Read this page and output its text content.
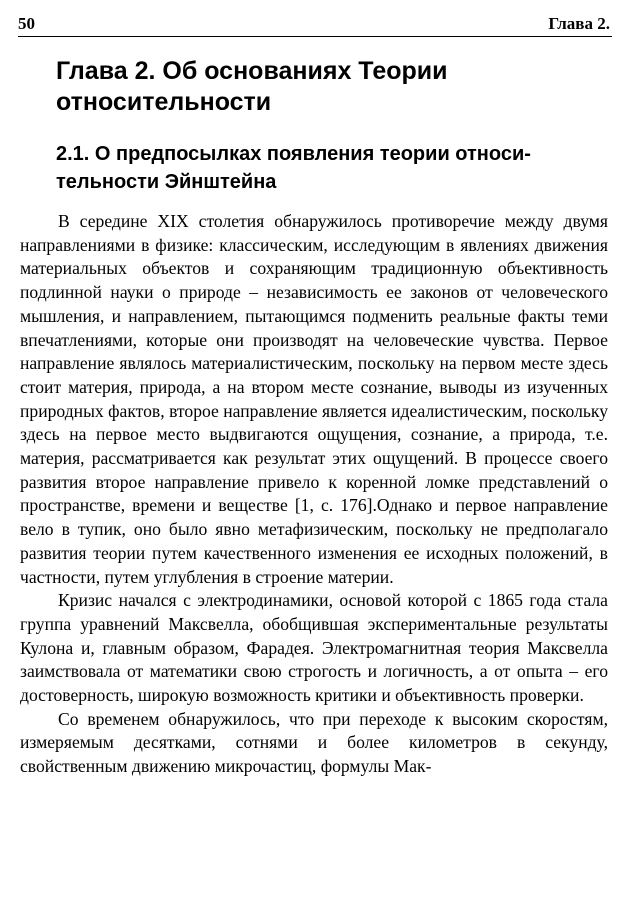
50	Глава 2.
Глава 2. Об основаниях Теории относительности
2.1. О предпосылках появления теории относи-тельности Эйнштейна

В середине XIX столетия обнаружилось противоречие между двумя направлениями в физике: классическим, исследующим в явлениях движения материальных объектов и сохраняющим традиционную объективность подлинной науки о природе – независимость ее законов от человеческого мышления, и направлением, пытающимся подменить реальные факты теми впечатлениями, которые они производят на человеческие чувства. Первое направление являлось материалистическим, поскольку на первом месте здесь стоит материя, природа, а на втором месте сознание, выводы из изученных природных фактов, второе направление является идеалистическим, поскольку здесь на первое место выдвигаются ощущения, сознание, а природа, т.е. материя, рассматривается как результат этих ощущений. В процессе своего развития второе направление привело к коренной ломке представлений о пространстве, времени и веществе [1, с. 176].Однако и первое направление вело в тупик, оно было явно метафизическим, поскольку не предполагало развития теории путем качественного изменения ее исходных положений, в частности, путем углубления в строение материи.

Кризис начался с электродинамики, основой которой с 1865 года стала группа уравнений Максвелла, обобщившая экспериментальные результаты Кулона и, главным образом, Фарадея. Электромагнитная теория Максвелла заимствовала от математики свою строгость и логичность, а от опыта – его достоверность, широкую возможность критики и объективность проверки.

Со временем обнаружилось, что при переходе к высоким скоростям, измеряемым десятками, сотнями и более километров в секунду, свойственным движению микрочастиц, формулы Мак-
